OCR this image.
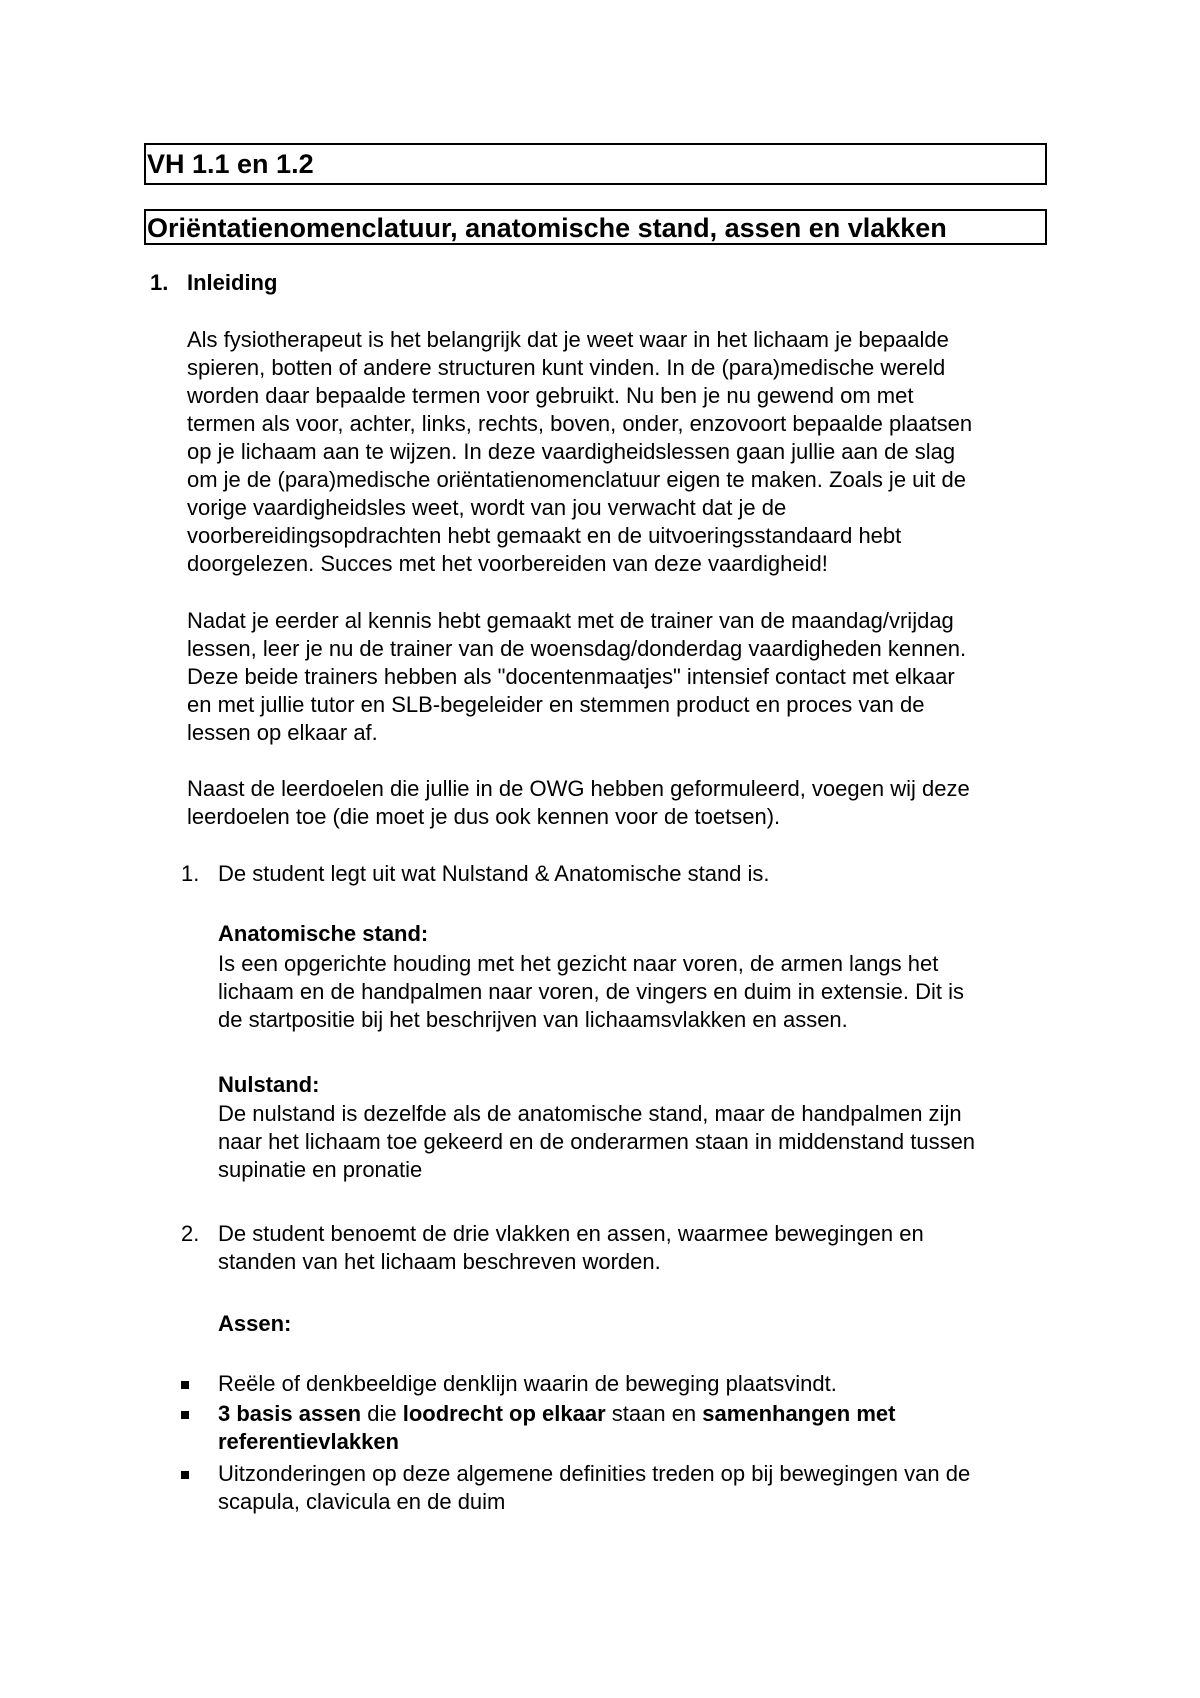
VH 1.1 en 1.2
Oriëntatienomenclatuur, anatomische stand, assen en vlakken
1. Inleiding

Als fysiotherapeut is het belangrijk dat je weet waar in het lichaam je bepaalde
spieren, botten of andere structuren kunt vinden. In de (para)medische wereld
worden daar bepaalde termen voor gebruikt. Nu ben je nu gewend om met
termen als voor, achter, links, rechts, boven, onder, enzovoort bepaalde plaatsen
op je lichaam aan te wijzen. In deze vaardigheidslessen gaan jullie aan de slag
om je de (para)medische oriëntatienomenclatuur eigen te maken. Zoals je uit de
vorige vaardigheidsles weet, wordt van jou verwacht dat je de
voorbereidingsopdrachten hebt gemaakt en de uitvoeringsstandaard hebt
doorgelezen. Succes met het voorbereiden van deze vaardigheid!

Nadat je eerder al kennis hebt gemaakt met de trainer van de maandag/vrijdag
lessen, leer je nu de trainer van de woensdag/donderdag vaardigheden kennen.
Deze beide trainers hebben als "docentenmaatjes" intensief contact met elkaar
en met jullie tutor en SLB-begeleider en stemmen product en proces van de
lessen op elkaar af.

Naast de leerdoelen die jullie in de OWG hebben geformuleerd, voegen wij deze
leerdoelen toe (die moet je dus ook kennen voor de toetsen).

1. De student legt uit wat Nulstand & Anatomische stand is.
Anatomische stand:
Is een opgerichte houding met het gezicht naar voren, de armen langs het
lichaam en de handpalmen naar voren, de vingers en duim in extensie. Dit is
de startpositie bij het beschrijven van lichaamsvlakken en assen.
Nulstand:
De nulstand is dezelfde als de anatomische stand, maar de handpalmen zijn
naar het lichaam toe gekeerd en de onderarmen staan in middenstand tussen
supinatie en pronatie
2. De student benoemt de drie vlakken en assen, waarmee bewegingen en
standen van het lichaam beschreven worden.
Assen:
Reële of denkbeeldige denklijn waarin de beweging plaatsvindt.
3 basis assen die loodrecht op elkaar staan en samenhangen met
referentievlakken
Uitzonderingen op deze algemene definities treden op bij bewegingen van de
scapula, clavicula en de duim
